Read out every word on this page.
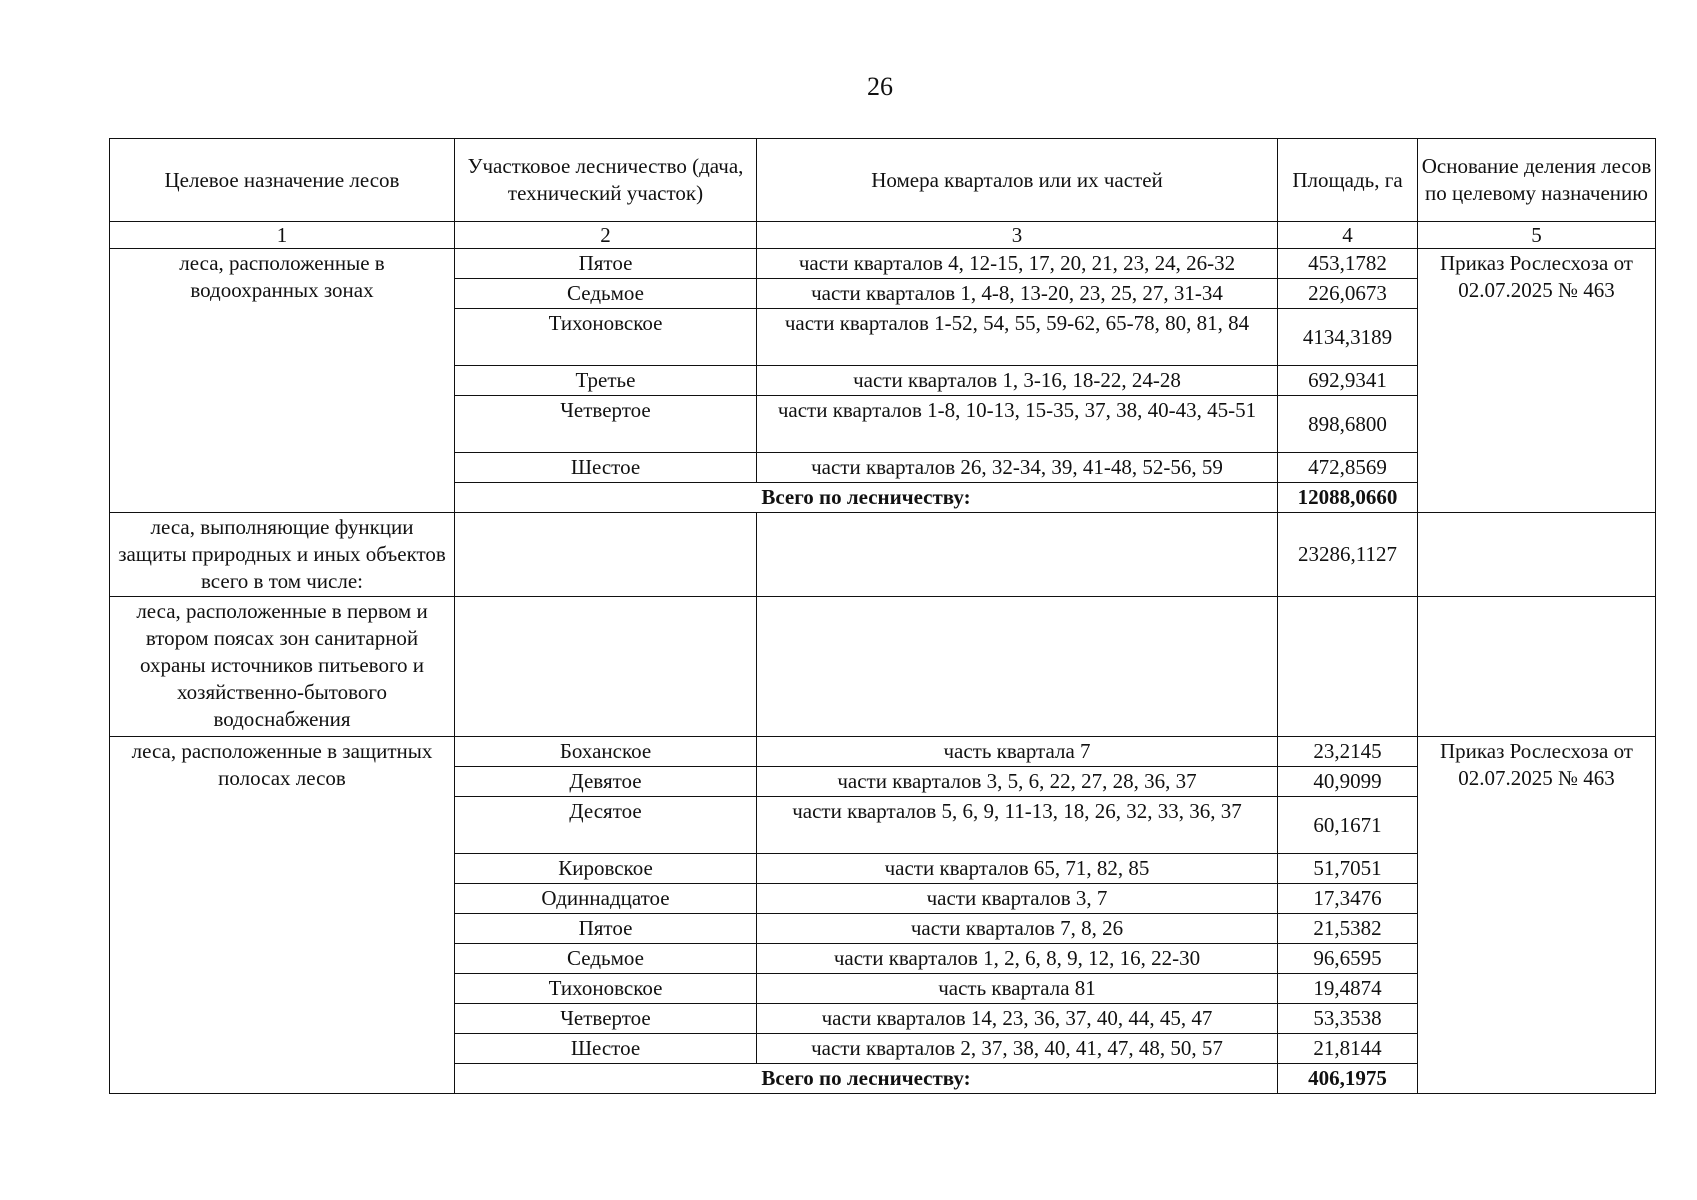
26
Целевое назначение лесов	Участковое лесничество (дача, технический участок)	Номера кварталов или их частей	Площадь, га	Основание деления лесов по целевому назначению
1	2	3	4	5
леса, расположенные в водоохранных зонах	Пятое	части кварталов 4, 12-15, 17, 20, 21, 23, 24, 26-32	453,1782	Приказ Рослесхоза от 02.07.2025 № 463
	Седьмое	части кварталов 1, 4-8, 13-20, 23, 25, 27, 31-34	226,0673	
	Тихоновское	части кварталов 1-52, 54, 55, 59-62, 65-78, 80, 81, 84	4134,3189	
	Третье	части кварталов 1, 3-16, 18-22, 24-28	692,9341	
	Четвертое	части кварталов 1-8, 10-13, 15-35, 37, 38, 40-43, 45-51	898,6800	
	Шестое	части кварталов 26, 32-34, 39, 41-48, 52-56, 59	472,8569	
	Всего по лесничеству:		12088,0660	
леса, выполняющие функции защиты природных и иных объектов всего в том числе:			23286,1127	
леса, расположенные в первом и втором поясах зон санитарной охраны источников питьевого и хозяйственно-бытового водоснабжения				
леса, расположенные в защитных полосах лесов	Боханское	часть квартала 7	23,2145	Приказ Рослесхоза от 02.07.2025 № 463
	Девятое	части кварталов 3, 5, 6, 22, 27, 28, 36, 37	40,9099	
	Десятое	части кварталов 5, 6, 9, 11-13, 18, 26, 32, 33, 36, 37	60,1671	
	Кировское	части кварталов 65, 71, 82, 85	51,7051	
	Одиннадцатое	части кварталов 3, 7	17,3476	
	Пятое	части кварталов 7, 8, 26	21,5382	
	Седьмое	части кварталов 1, 2, 6, 8, 9, 12, 16, 22-30	96,6595	
	Тихоновское	часть квартала 81	19,4874	
	Четвертое	части кварталов 14, 23, 36, 37, 40, 44, 45, 47	53,3538	
	Шестое	части кварталов 2, 37, 38, 40, 41, 47, 48, 50, 57	21,8144	
	Всего по лесничеству:		406,1975	
